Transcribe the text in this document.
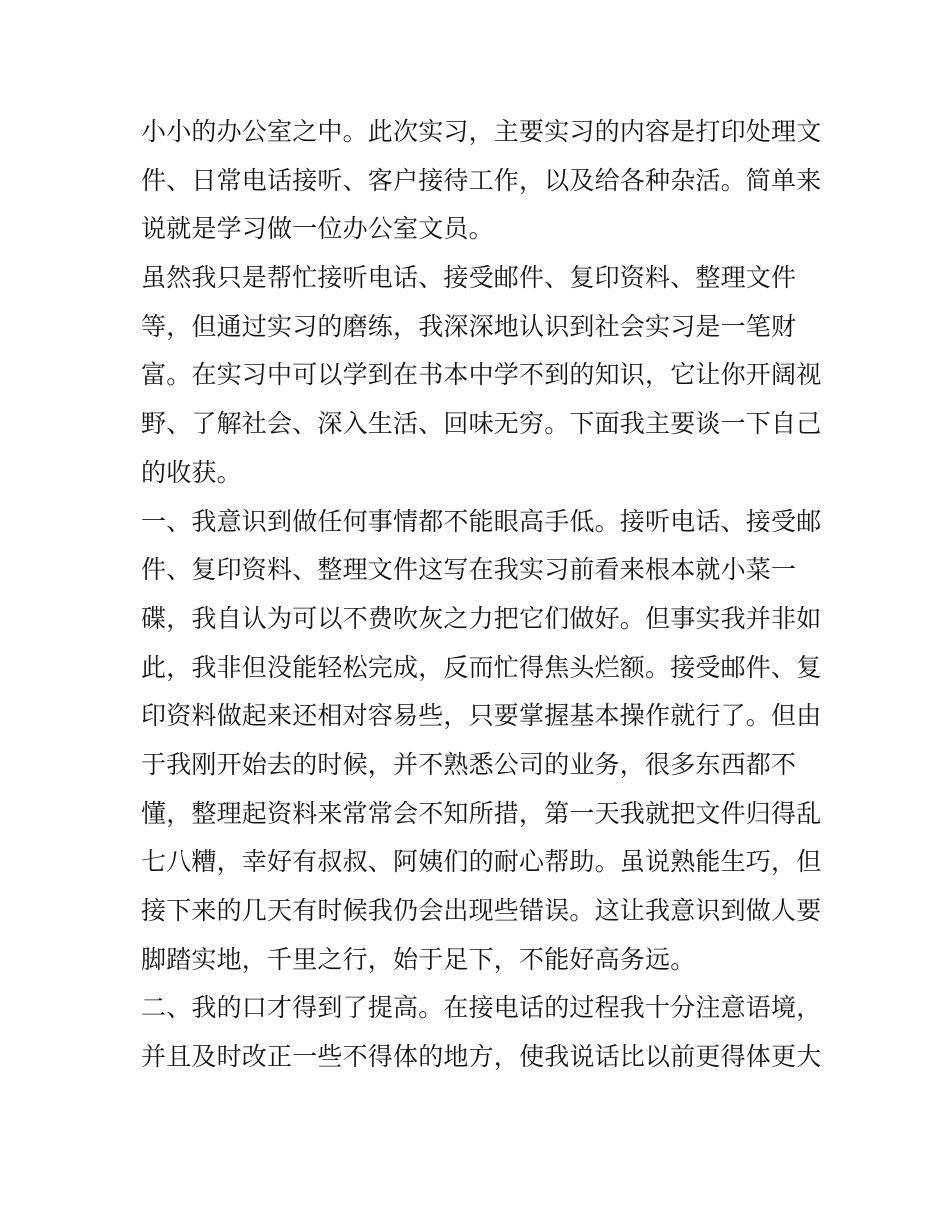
小小的办公室之中。此次实习，主要实习的内容是打印处理文
件、日常电话接听、客户接待工作，以及给各种杂活。简单来
说就是学习做一位办公室文员。
虽然我只是帮忙接听电话、接受邮件、复印资料、整理文件
等，但通过实习的磨练，我深深地认识到社会实习是一笔财
富。在实习中可以学到在书本中学不到的知识，它让你开阔视
野、了解社会、深入生活、回味无穷。下面我主要谈一下自己
的收获。
一、我意识到做任何事情都不能眼高手低。接听电话、接受邮
件、复印资料、整理文件这写在我实习前看来根本就小菜一
碟，我自认为可以不费吹灰之力把它们做好。但事实我并非如
此，我非但没能轻松完成，反而忙得焦头烂额。接受邮件、复
印资料做起来还相对容易些，只要掌握基本操作就行了。但由
于我刚开始去的时候，并不熟悉公司的业务，很多东西都不
懂，整理起资料来常常会不知所措，第一天我就把文件归得乱
七八糟，幸好有叔叔、阿姨们的耐心帮助。虽说熟能生巧，但
接下来的几天有时候我仍会出现些错误。这让我意识到做人要
脚踏实地，千里之行，始于足下，不能好高务远。
二、我的口才得到了提高。在接电话的过程我十分注意语境，
并且及时改正一些不得体的地方，使我说话比以前更得体更大
